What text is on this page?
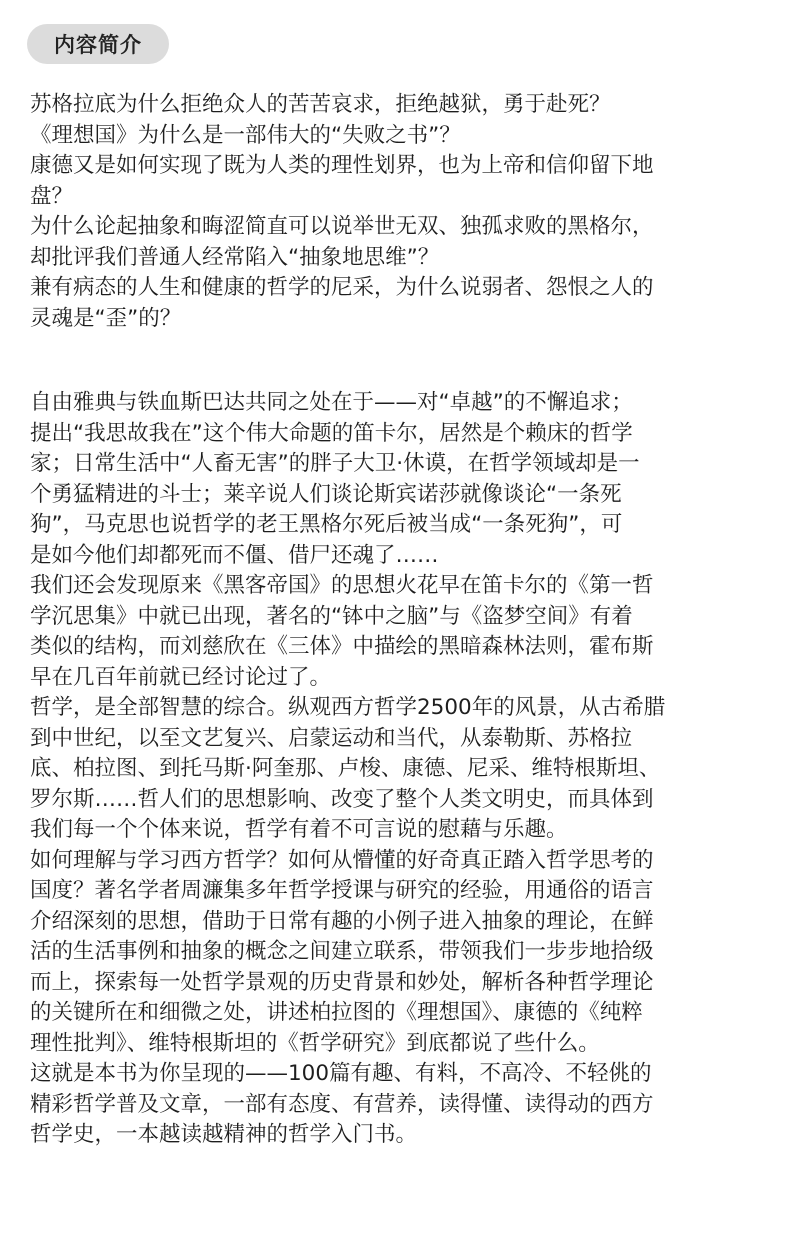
内容简介
苏格拉底为什么拒绝众人的苦苦哀求，拒绝越狱，勇于赴死？
《理想国》为什么是一部伟大的“失败之书”？
康德又是如何实现了既为人类的理性划界，也为上帝和信仰留下地
盘？
为什么论起抽象和晦涩简直可以说举世无双、独孤求败的黑格尔，
却批评我们普通人经常陷入“抽象地思维”？
兼有病态的人生和健康的哲学的尼采，为什么说弱者、怨恨之人的
灵魂是“歪”的？
自由雅典与铁血斯巴达共同之处在于——对“卓越”的不懈追求；
提出“我思故我在”这个伟大命题的笛卡尔，居然是个赖床的哲学
家；日常生活中“人畜无害”的胖子大卫·休谟，在哲学领域却是一
个勇猛精进的斗士；莱辛说人们谈论斯宾诺莎就像谈论“一条死
狗”，马克思也说哲学的老王黑格尔死后被当成“一条死狗”，可
是如今他们却都死而不僵、借尸还魂了……
我们还会发现原来《黑客帝国》的思想火花早在笛卡尔的《第一哲
学沉思集》中就已出现，著名的“钵中之脑”与《盗梦空间》有着
类似的结构，而刘慈欣在《三体》中描绘的黑暗森林法则，霍布斯
早在几百年前就已经讨论过了。
哲学，是全部智慧的综合。纵观西方哲学2500年的风景，从古希腊
到中世纪，以至文艺复兴、启蒙运动和当代，从泰勒斯、苏格拉
底、柏拉图、到托马斯·阿奎那、卢梭、康德、尼采、维特根斯坦、
罗尔斯……哲人们的思想影响、改变了整个人类文明史，而具体到
我们每一个个体来说，哲学有着不可言说的慰藉与乐趣。
如何理解与学习西方哲学？如何从懵懂的好奇真正踏入哲学思考的
国度？著名学者周濂集多年哲学授课与研究的经验，用通俗的语言
介绍深刻的思想，借助于日常有趣的小例子进入抽象的理论，在鲜
活的生活事例和抽象的概念之间建立联系，带领我们一步步地拾级
而上，探索每一处哲学景观的历史背景和妙处，解析各种哲学理论
的关键所在和细微之处，讲述柏拉图的《理想国》、康德的《纯粹
理性批判》、维特根斯坦的《哲学研究》到底都说了些什么。
这就是本书为你呈现的——100篇有趣、有料，不高冷、不轻佻的
精彩哲学普及文章，一部有态度、有营养，读得懂、读得动的西方
哲学史，一本越读越精神的哲学入门书。
